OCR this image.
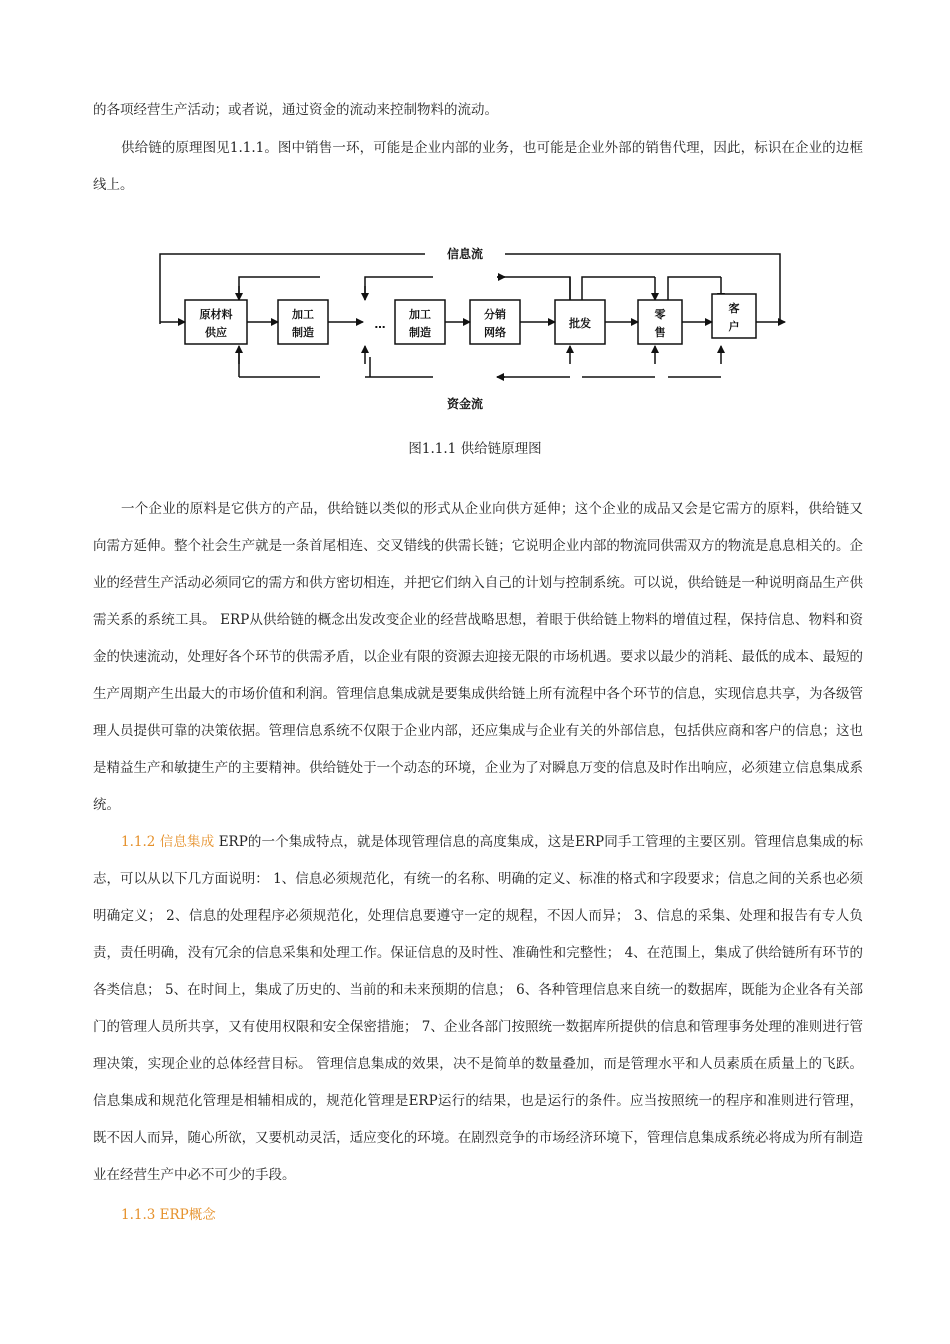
的各项经营生产活动；或者说，通过资金的流动来控制物料的流动。

供给链的原理图见1.1.1。图中销售一环，可能是企业内部的业务，也可能是企业外部的销售代理，因此，标识在企业的边框线上。

信息流
原材料
供应
加工
制造
…
加工
制造
分销
网络
批发
零
售
客
户
资金流
图1.1.1 供给链原理图

一个企业的原料是它供方的产品，供给链以类似的形式从企业向供方延伸；这个企业的成品又会是它需方的原料，供给链又向需方延伸。整个社会生产就是一条首尾相连、交叉错线的供需长链；它说明企业内部的物流同供需双方的物流是息息相关的。企业的经营生产活动必须同它的需方和供方密切相连，并把它们纳入自己的计划与控制系统。可以说，供给链是一种说明商品生产供需关系的系统工具。 ERP从供给链的概念出发改变企业的经营战略思想，着眼于供给链上物料的增值过程，保持信息、物料和资金的快速流动，处理好各个环节的供需矛盾，以企业有限的资源去迎接无限的市场机遇。要求以最少的消耗、最低的成本、最短的生产周期产生出最大的市场价值和利润。管理信息集成就是要集成供给链上所有流程中各个环节的信息，实现信息共享，为各级管理人员提供可靠的决策依据。管理信息系统不仅限于企业内部，还应集成与企业有关的外部信息，包括供应商和客户的信息；这也是精益生产和敏捷生产的主要精神。供给链处于一个动态的环境，企业为了对瞬息万变的信息及时作出响应，必须建立信息集成系统。

1.1.2 信息集成 ERP的一个集成特点，就是体现管理信息的高度集成，这是ERP同手工管理的主要区别。管理信息集成的标志，可以从以下几方面说明： 1、信息必须规范化，有统一的名称、明确的定义、标准的格式和字段要求；信息之间的关系也必须明确定义； 2、信息的处理程序必须规范化，处理信息要遵守一定的规程，不因人而异； 3、信息的采集、处理和报告有专人负责，责任明确，没有冗余的信息采集和处理工作。保证信息的及时性、准确性和完整性； 4、在范围上，集成了供给链所有环节的各类信息； 5、在时间上，集成了历史的、当前的和未来预期的信息； 6、各种管理信息来自统一的数据库，既能为企业各有关部门的管理人员所共享，又有使用权限和安全保密措施； 7、企业各部门按照统一数据库所提供的信息和管理事务处理的准则进行管理决策，实现企业的总体经营目标。 管理信息集成的效果，决不是简单的数量叠加，而是管理水平和人员素质在质量上的飞跃。信息集成和规范化管理是相辅相成的，规范化管理是ERP运行的结果，也是运行的条件。应当按照统一的程序和准则进行管理，既不因人而异，随心所欲，又要机动灵活，适应变化的环境。在剧烈竞争的市场经济环境下，管理信息集成系统必将成为所有制造业在经营生产中必不可少的手段。

1.1.3 ERP概念
